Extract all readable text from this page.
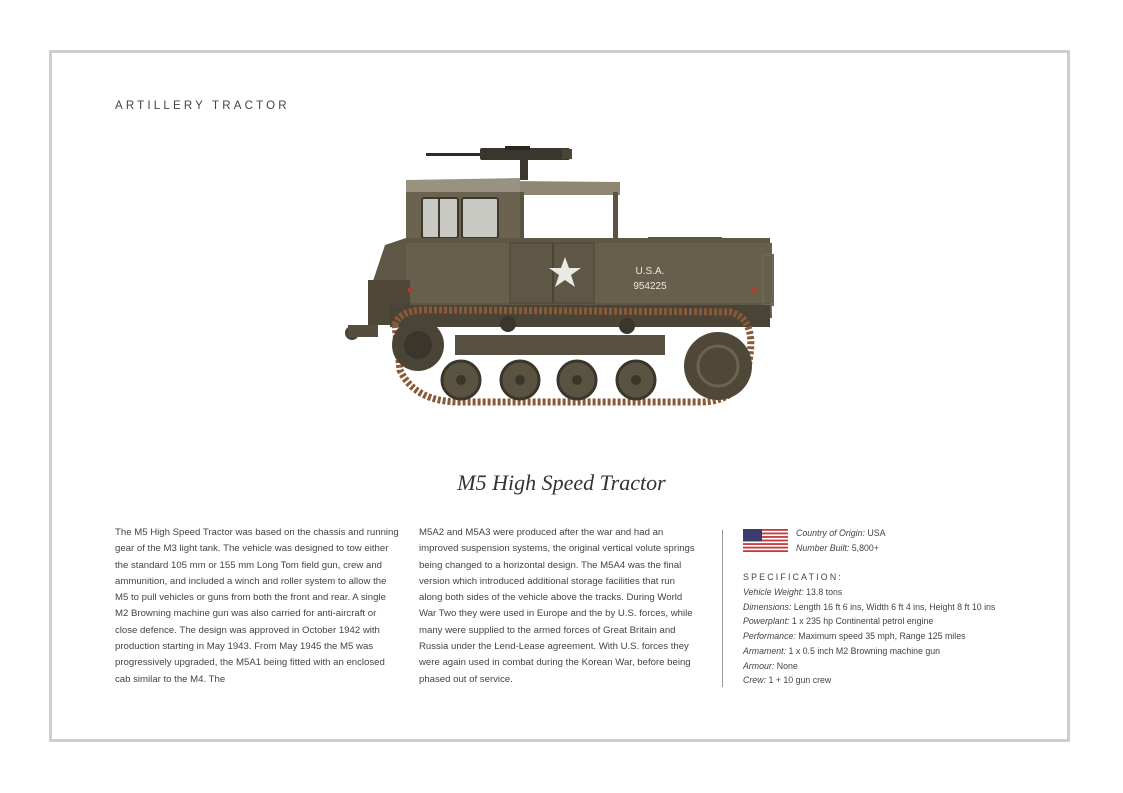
ARTILLERY TRACTOR
U.S.A.
954225
M5 High Speed Tractor
The M5 High Speed Tractor was based on the chassis and running gear of the M3 light tank. The vehicle was designed to tow either the standard 105 mm or 155 mm Long Tom field gun, crew and ammunition, and included a winch and roller system to allow the M5 to pull vehicles or guns from both the front and rear. A single M2 Browning machine gun was also carried for anti-aircraft or close defence. The design was approved in October 1942 with production starting in May 1943. From May 1945 the M5 was progressively upgraded, the M5A1 being fitted with an enclosed cab similar to the M4. The
M5A2 and M5A3 were produced after the war and had an improved suspension systems, the original vertical volute springs being changed to a horizontal design. The M5A4 was the final version which introduced additional storage facilities that run along both sides of the vehicle above the tracks. During World War Two they were used in Europe and the by U.S. forces, while many were supplied to the armed forces of Great Britain and Russia under the Lend-Lease agreement. With U.S. forces they were again used in combat during the Korean War, before being phased out of service.
Country of Origin: USA
Number Built: 5,800+
SPECIFICATION:
Vehicle Weight: 13.8 tons
Dimensions: Length 16 ft 6 ins, Width 6 ft 4 ins, Height 8 ft 10 ins
Powerplant: 1 x 235 hp Continental petrol engine
Performance: Maximum speed 35 mph, Range 125 miles
Armament: 1 x 0.5 inch M2 Browning machine gun
Armour: None
Crew: 1 + 10 gun crew
